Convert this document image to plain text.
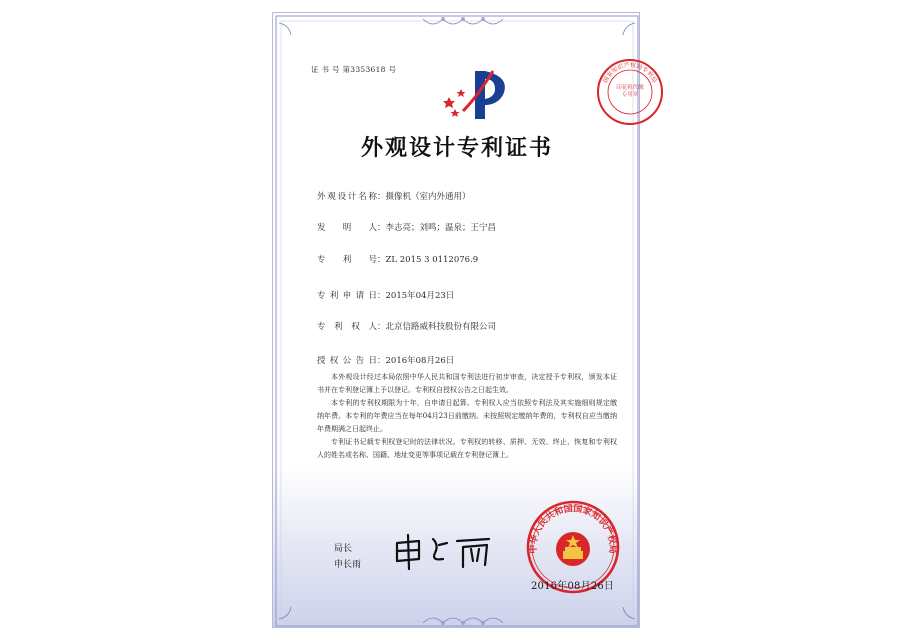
证 书 号 第3353618 号
国家知识产权局专利局
印花税代缴专用章
外观设计专利证书
外观设计名称：摄像机（室内外通用）
发　　明　　人：李志亮；刘鸣；温泉；王宁昌
专　　利　　号：ZL 2015 3 0112076.9
专利申请日：2015年04月23日
专　利　权　人：北京信路威科技股份有限公司
授权公告日：2016年08月26日

本外观设计经过本局依照中华人民共和国专利法进行初步审查，决定授予专利权，颁发本证书并在专利登记簿上予以登记。专利权自授权公告之日起生效。

本专利的专利权期限为十年，自申请日起算。专利权人应当依照专利法及其实施细则规定缴纳年费。本专利的年费应当在每年04月23日前缴纳。未按照规定缴纳年费的，专利权自应当缴纳年费期满之日起终止。

专利证书记载专利权登记时的法律状况。专利权的转移、质押、无效、终止、恢复和专利权人的姓名或名称、国籍、地址变更等事项记载在专利登记簿上。

局长
申长雨
中华人民共和国国家知识产权局
2016年08月26日
